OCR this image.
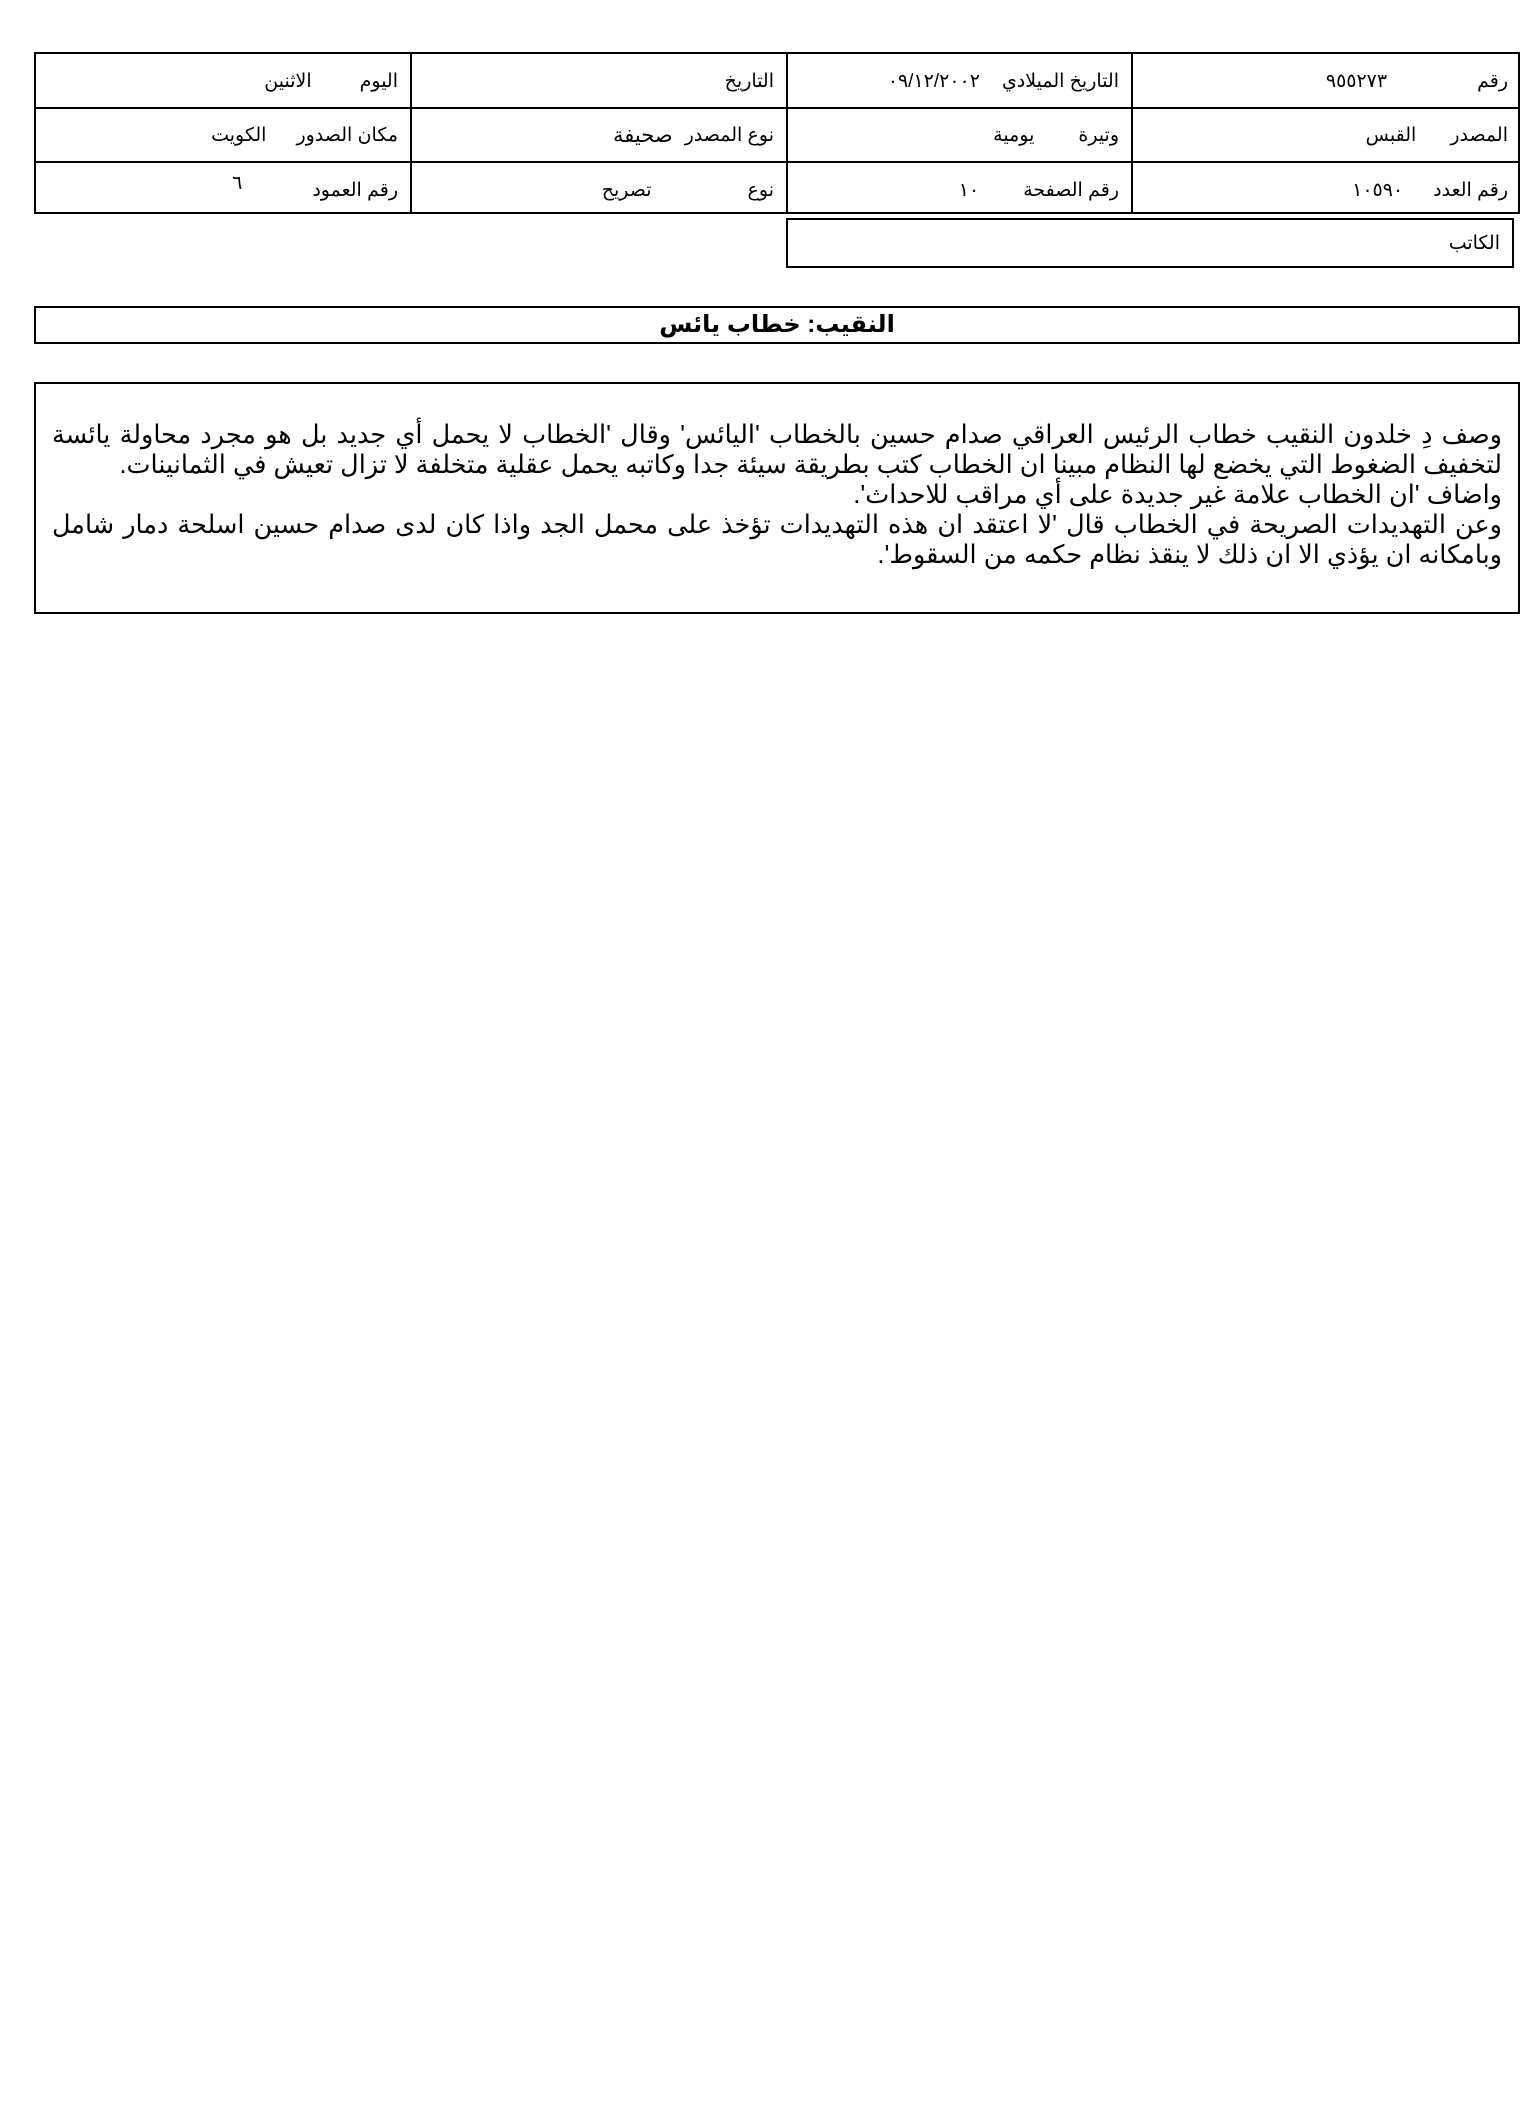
رقم
٩٥٥٢٧٣
التاريخ الميلادي
٠٩/١٢/٢٠٠٢
التاريخ
اليوم
الاثنين
المصدر
القبس
وتيرة
يومية
نوع المصدر
صحيفة
مكان الصدور
الكويت
رقم العدد
١٠٥٩٠
رقم الصفحة
١٠
نوع
تصريح
رقم العمود
٦
الكاتب
النقيب: خطاب يائس

وصف دِ خلدون النقيب خطاب الرئيس العراقي صدام حسين بالخطاب 'اليائس' وقال 'الخطاب لا يحمل أي جديد بل هو مجرد محاولة يائسة لتخفيف الضغوط التي يخضع لها النظام مبينا ان الخطاب كتب بطريقة سيئة جدا وكاتبه يحمل عقلية متخلفة لا تزال تعيش في الثمانينات.

واضاف 'ان الخطاب علامة غير جديدة على أي مراقب للاحداث'.

وعن التهديدات الصريحة في الخطاب قال 'لا اعتقد ان هذه التهديدات تؤخذ على محمل الجد واذا كان لدى صدام حسين اسلحة دمار شامل وبامكانه ان يؤذي الا ان ذلك لا ينقذ نظام حكمه من السقوط'.
